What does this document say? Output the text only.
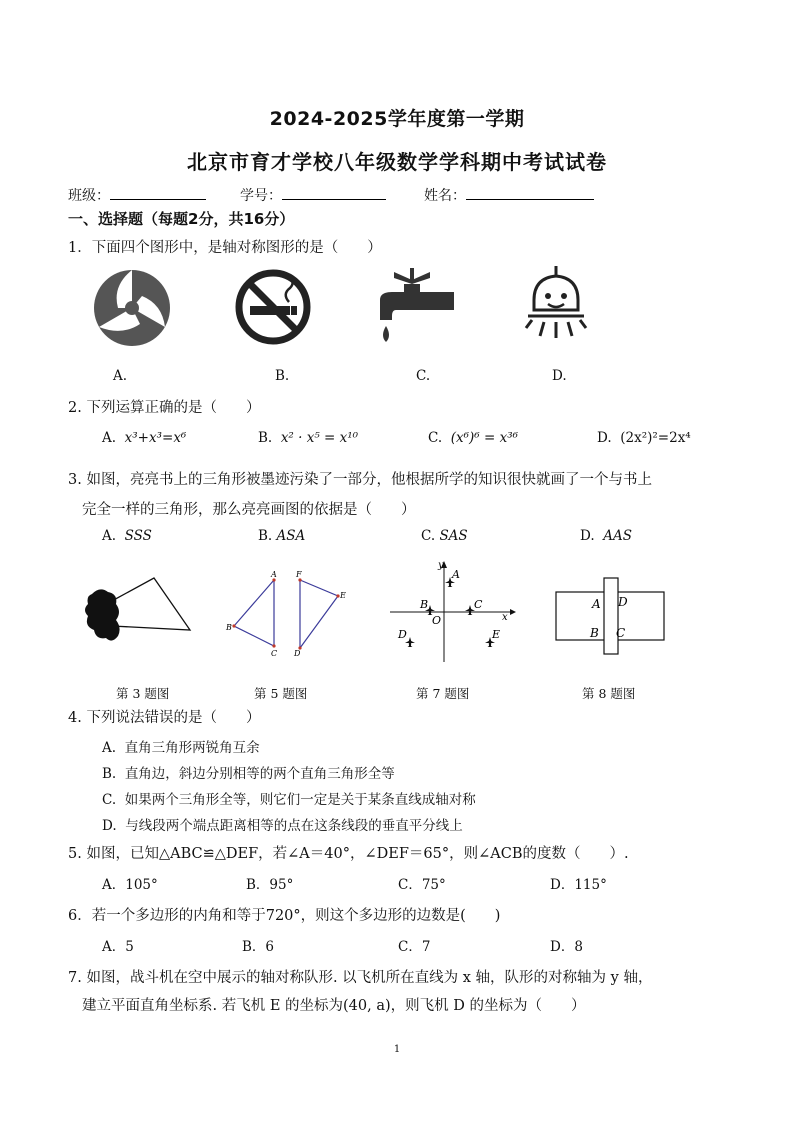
2024-2025学年度第一学期
北京市育才学校八年级数学学科期中考试试卷
班级：	学号：	姓名：
一、选择题（每题2分，共16分）
1．下面四个图形中，是轴对称图形的是（　　）
A.	B.	C.	D.
2. 下列运算正确的是（　　）
A. x³+x³=x⁶	B. x² · x⁵ = x¹⁰	C. (x⁶)⁶ = x³⁶	D. (2x²)²=2x⁴
3. 如图，亮亮书上的三角形被墨迹污染了一部分，他根据所学的知识很快就画了一个与书上
完全一样的三角形，那么亮亮画图的依据是（　　）
A. SSS	B. ASA	C. SAS	D. AAS
A
B
C
F
E
D
y
A
B	C
O	x
D	E
A D
B C
第 3 题图	第 5 题图	第 7 题图	第 8 题图
4. 下列说法错误的是（　　）
A. 直角三角形两锐角互余
B. 直角边，斜边分别相等的两个直角三角形全等
C. 如果两个三角形全等，则它们一定是关于某条直线成轴对称
D. 与线段两个端点距离相等的点在这条线段的垂直平分线上
5. 如图，已知△ABC≌△DEF，若∠A＝40°，∠DEF＝65°，则∠ACB的度数（　　）.
A．105°	B．95°	C．75°	D．115°
6．若一个多边形的内角和等于720°，则这个多边形的边数是(　　)
A．5	B．6	C．7	D．8
7. 如图，战斗机在空中展示的轴对称队形. 以飞机所在直线为 x 轴，队形的对称轴为 y 轴，
建立平面直角坐标系. 若飞机 E 的坐标为(40, a)，则飞机 D 的坐标为（　　）
1
